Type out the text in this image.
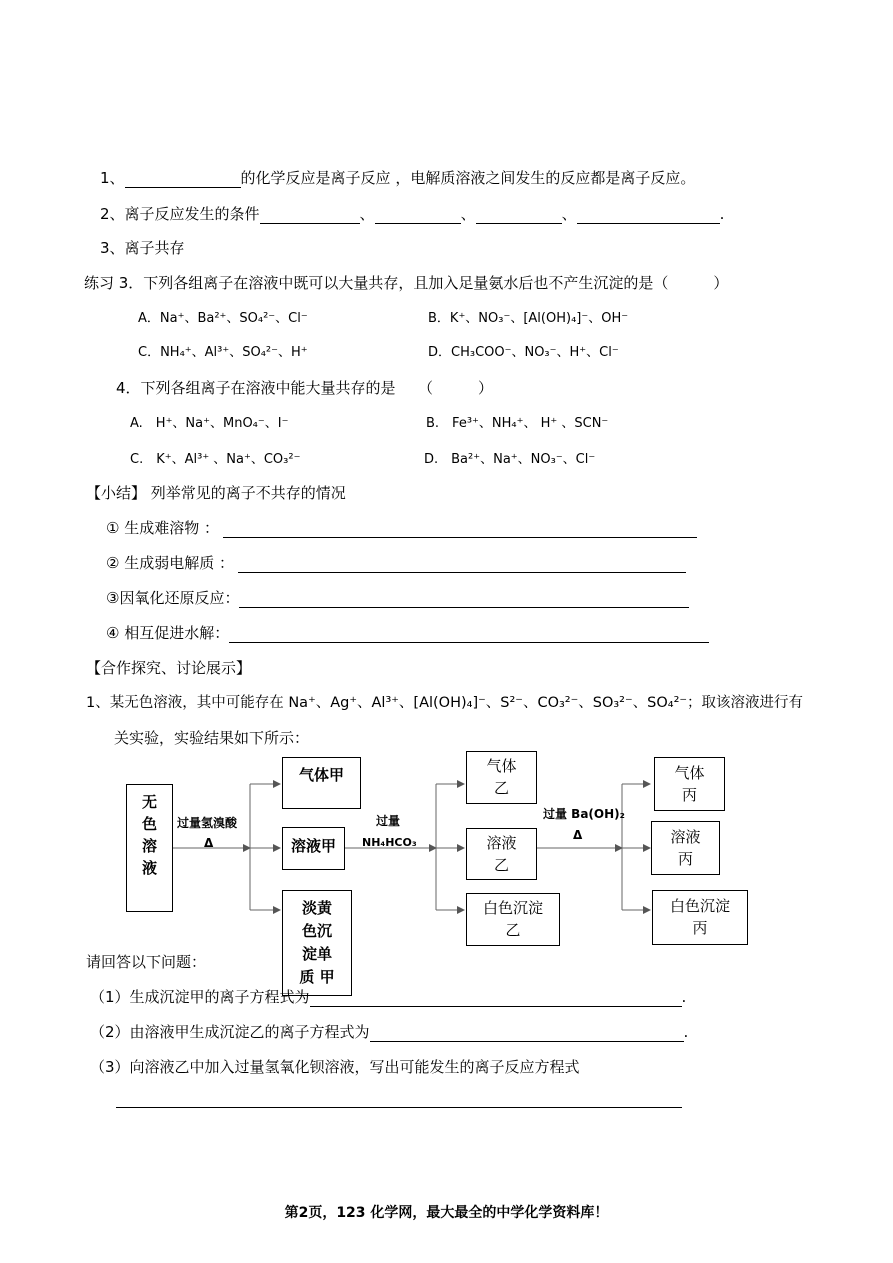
1、	的化学反应是离子反应 ，电解质溶液之间发生的反应都是离子反应。
2、离子反应发生的条件	、	、	、	.
3、离子共存
练习 3．下列各组离子在溶液中既可以大量共存，且加入足量氨水后也不产生沉淀的是（　　　）
A．Na⁺、Ba²⁺、SO₄²⁻、Cl⁻	B．K⁺、NO₃⁻、[Al(OH)₄]⁻、OH⁻
C．NH₄⁺、Al³⁺、SO₄²⁻、H⁺	D．CH₃COO⁻、NO₃⁻、H⁺、Cl⁻
4．下列各组离子在溶液中能大量共存的是　　（　　　）
A.　H⁺、Na⁺、MnO₄⁻、I⁻	B.　Fe³⁺、NH₄⁺、 H⁺ 、SCN⁻
C.　K⁺、Al³⁺ 、Na⁺、CO₃²⁻	D.　Ba²⁺、Na⁺、NO₃⁻、Cl⁻
【小结】 列举常见的离子不共存的情况
① 生成难溶物 ：
② 生成弱电解质 ：
③因氧化还原反应：
④ 相互促进水解：
【合作探究、讨论展示】
1、某无色溶液，其中可能存在 Na⁺、Ag⁺、Al³⁺、[Al(OH)₄]⁻、S²⁻、CO₃²⁻、SO₃²⁻、SO₄²⁻；取该溶液进行有
关实验，实验结果如下所示：
无
色
溶
液
过量氢溴酸
Δ
气体甲
溶液甲
淡黄
色沉
淀单
质 甲
过量
NH₄HCO₃
气体
乙
溶液
乙
白色沉淀
乙
过量 Ba(OH)₂
Δ
气体
丙
溶液
丙
白色沉淀
丙
请回答以下问题：
（1）生成沉淀甲的离子方程式为	.
（2）由溶液甲生成沉淀乙的离子方程式为	.
（3）向溶液乙中加入过量氢氧化钡溶液，写出可能发生的离子反应方程式
第2页，123 化学网，最大最全的中学化学资料库！
